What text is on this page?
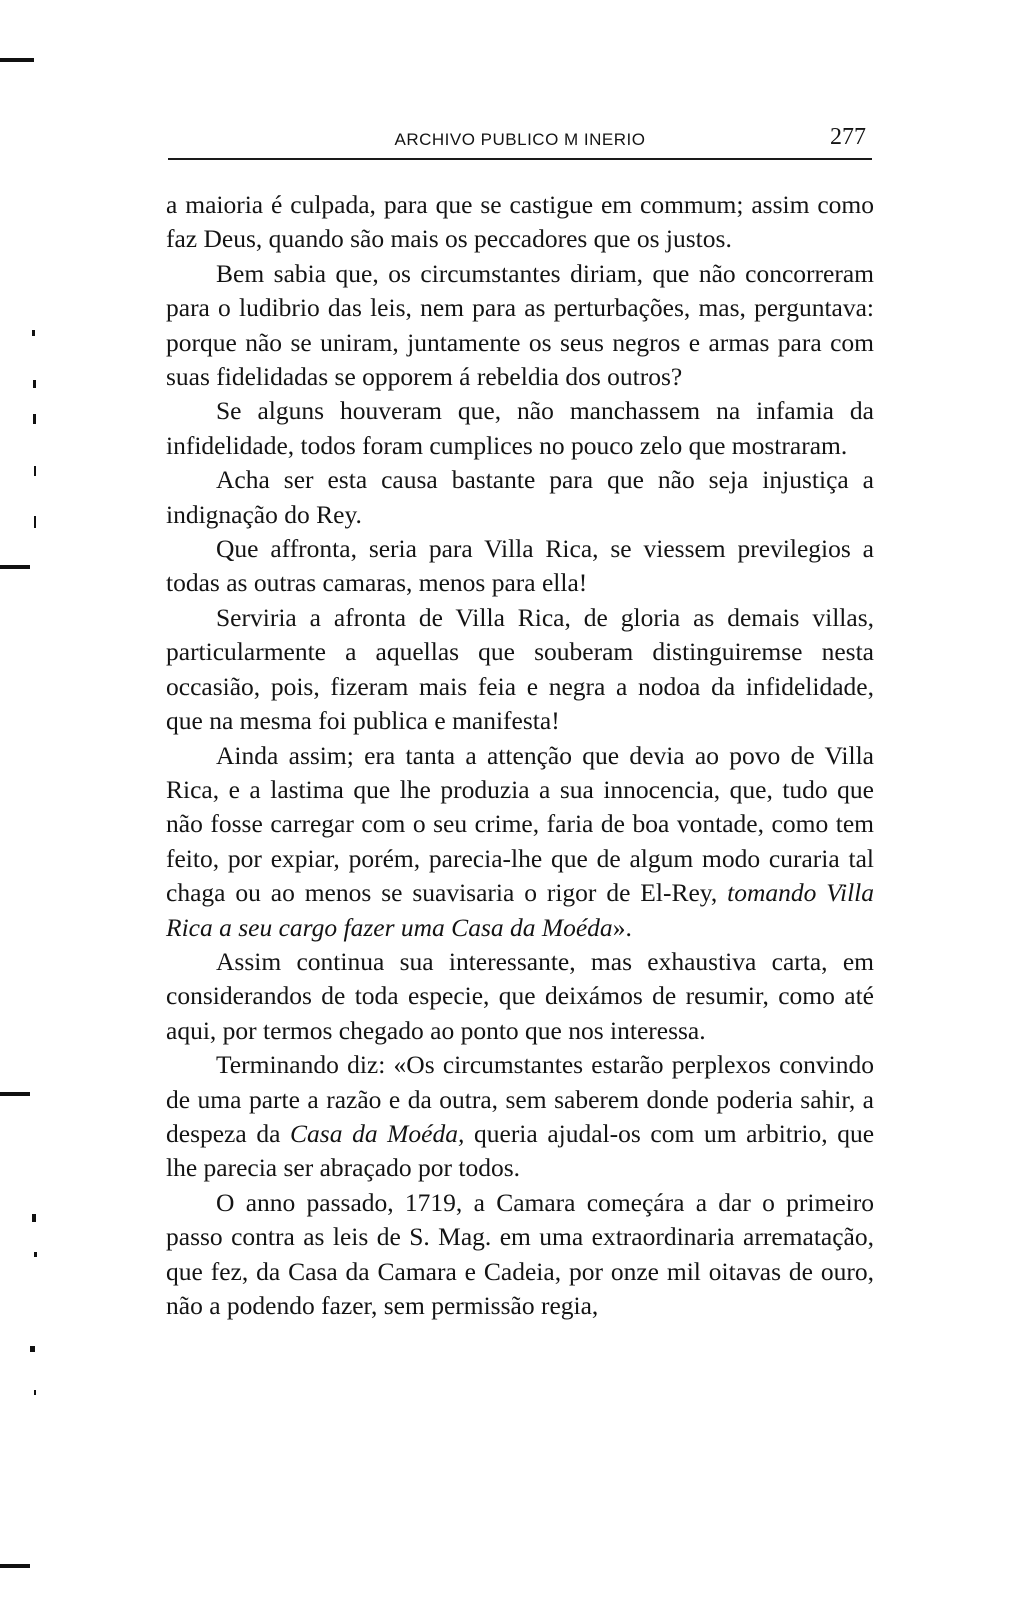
ARCHIVO PUBLICO M INERIO	277

a maioria é culpada, para que se castigue em commum; assim como faz Deus, quando são mais os peccadores que os justos.

Bem sabia que, os circumstantes diriam, que não concorreram para o ludibrio das leis, nem para as perturbações, mas, perguntava: porque não se uniram, juntamente os seus negros e armas para com suas fidelidadas se opporem á rebeldia dos outros?

Se alguns houveram que, não manchassem na infamia da infidelidade, todos foram cumplices no pouco zelo que mostraram.

Acha ser esta causa bastante para que não seja injustiça a indignação do Rey.

Que affronta, seria para Villa Rica, se viessem previlegios a todas as outras camaras, menos para ella!

Serviria a afronta de Villa Rica, de gloria as demais villas, particularmente a aquellas que souberam distinguiremse nesta occasião, pois, fizeram mais feia e negra a nodoa da infidelidade, que na mesma foi publica e manifesta!

Ainda assim; era tanta a attenção que devia ao povo de Villa Rica, e a lastima que lhe produzia a sua innocencia, que, tudo que não fosse carregar com o seu crime, faria de boa vontade, como tem feito, por expiar, porém, parecia-lhe que de algum modo curaria tal chaga ou ao menos se suavisaria o rigor de El-Rey, tomando Villa Rica a seu cargo fazer uma Casa da Moéda».

Assim continua sua interessante, mas exhaustiva carta, em considerandos de toda especie, que deixámos de resumir, como até aqui, por termos chegado ao ponto que nos interessa.

Terminando diz: «Os circumstantes estarão perplexos convindo de uma parte a razão e da outra, sem saberem donde poderia sahir, a despeza da Casa da Moéda, queria ajudal-os com um arbitrio, que lhe parecia ser abraçado por todos.

O anno passado, 1719, a Camara começára a dar o primeiro passo contra as leis de S. Mag. em uma extraordinaria arrematação, que fez, da Casa da Camara e Cadeia, por onze mil oitavas de ouro, não a podendo fazer, sem permissão regia,
